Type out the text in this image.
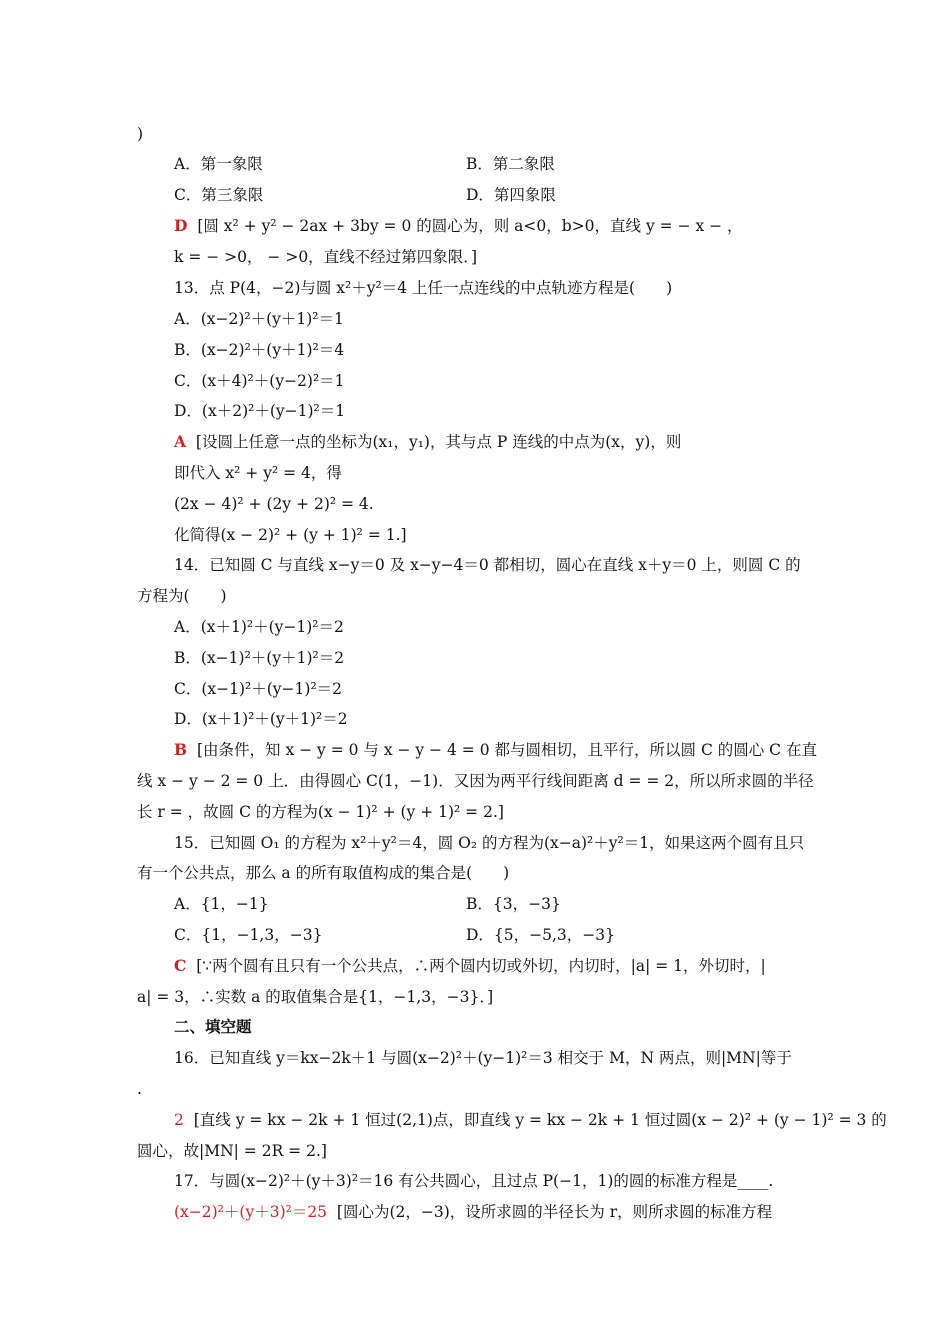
)
A．第一象限	B．第二象限
C．第三象限	D．第四象限
D [圆 x² + y² − 2ax + 3by = 0 的圆心为，则 a<0，b>0，直线 y = − x − ，
k = − >0， − >0，直线不经过第四象限．]
13．点 P(4，−2)与圆 x²＋y²＝4 上任一点连线的中点轨迹方程是(　　)
A．(x−2)²＋(y＋1)²＝1
B．(x−2)²＋(y＋1)²＝4
C．(x＋4)²＋(y−2)²＝1
D．(x＋2)²＋(y−1)²＝1
A [设圆上任意一点的坐标为(x₁，y₁)，其与点 P 连线的中点为(x，y)，则
即代入 x² + y² = 4，得
(2x − 4)² + (2y + 2)² = 4.
化简得(x − 2)² + (y + 1)² = 1.]
14．已知圆 C 与直线 x−y＝0 及 x−y−4＝0 都相切，圆心在直线 x＋y＝0 上，则圆 C 的
方程为(　　)
A．(x＋1)²＋(y−1)²＝2
B．(x−1)²＋(y＋1)²＝2
C．(x−1)²＋(y−1)²＝2
D．(x＋1)²＋(y＋1)²＝2
B [由条件，知 x − y = 0 与 x − y − 4 = 0 都与圆相切，且平行，所以圆 C 的圆心 C 在直
线 x − y − 2 = 0 上．由得圆心 C(1，−1)．又因为两平行线间距离 d = = 2，所以所求圆的半径
长 r = ，故圆 C 的方程为(x − 1)² + (y + 1)² = 2.]
15．已知圆 O₁ 的方程为 x²＋y²＝4，圆 O₂ 的方程为(x−a)²＋y²＝1，如果这两个圆有且只
有一个公共点，那么 a 的所有取值构成的集合是(　　)
A．{1，−1}	B．{3，−3}
C．{1，−1,3，−3}	D．{5，−5,3，−3}
C [∵两个圆有且只有一个公共点，∴两个圆内切或外切，内切时，|a| = 1，外切时，|
a| = 3，∴实数 a 的取值集合是{1，−1,3，−3}．]
二、填空题
16．已知直线 y＝kx−2k＋1 与圆(x−2)²＋(y−1)²＝3 相交于 M，N 两点，则|MN|等于
.
2 [直线 y = kx − 2k + 1 恒过(2,1)点，即直线 y = kx − 2k + 1 恒过圆(x − 2)² + (y − 1)² = 3 的
圆心，故|MN| = 2R = 2.]
17．与圆(x−2)²＋(y＋3)²＝16 有公共圆心，且过点 P(−1，1)的圆的标准方程是____.
(x−2)²＋(y＋3)²＝25 [圆心为(2，−3)，设所求圆的半径长为 r，则所求圆的标准方程
